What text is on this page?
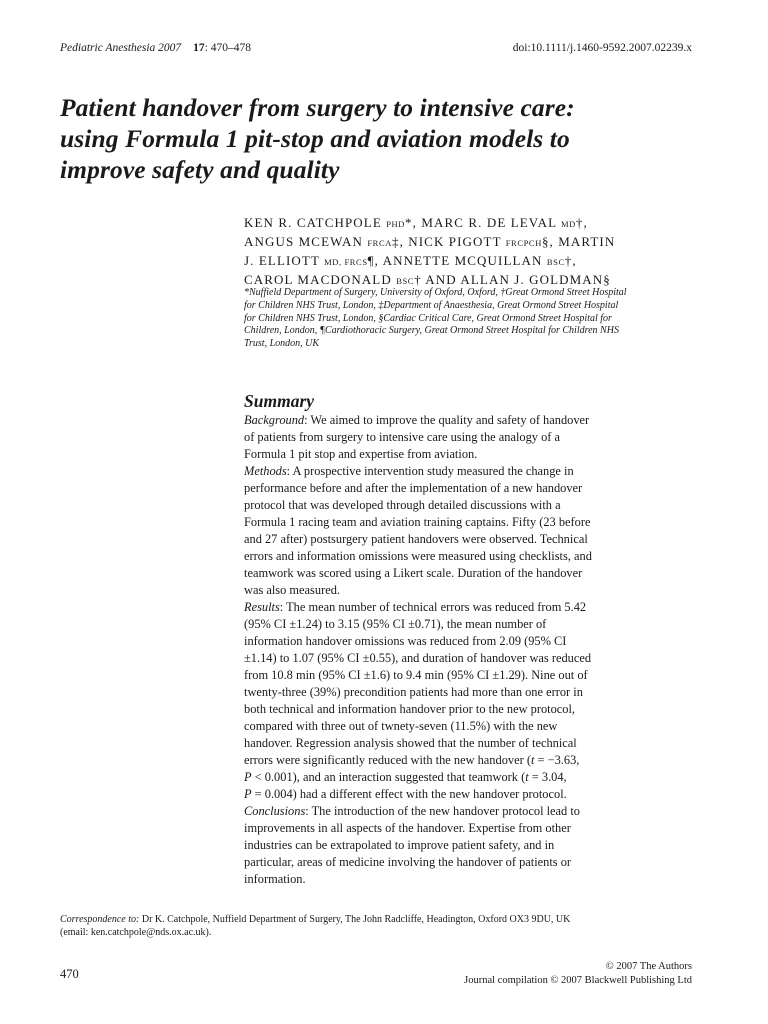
Pediatric Anesthesia 2007 17: 470–478	doi:10.1111/j.1460-9592.2007.02239.x
Patient handover from surgery to intensive care:
using Formula 1 pit-stop and aviation models to
improve safety and quality
KEN R. CATCHPOLE PHD*, MARC R. DE LEVAL MD†,
ANGUS MCEWAN FRCA‡, NICK PIGOTT FRCPCH§, MARTIN
J. ELLIOTT MD, FRCS¶, ANNETTE MCQUILLAN BSC†,
CAROL MACDONALD BSC† AND ALLAN J. GOLDMAN§
*Nuffield Department of Surgery, University of Oxford, Oxford, †Great Ormond Street Hospital
for Children NHS Trust, London, ‡Department of Anaesthesia, Great Ormond Street Hospital
for Children NHS Trust, London, §Cardiac Critical Care, Great Ormond Street Hospital for
Children, London, ¶Cardiothoracic Surgery, Great Ormond Street Hospital for Children NHS
Trust, London, UK
Summary
Background: We aimed to improve the quality and safety of handover
of patients from surgery to intensive care using the analogy of a
Formula 1 pit stop and expertise from aviation.
Methods: A prospective intervention study measured the change in
performance before and after the implementation of a new handover
protocol that was developed through detailed discussions with a
Formula 1 racing team and aviation training captains. Fifty (23 before
and 27 after) postsurgery patient handovers were observed. Technical
errors and information omissions were measured using checklists, and
teamwork was scored using a Likert scale. Duration of the handover
was also measured.
Results: The mean number of technical errors was reduced from 5.42
(95% CI ±1.24) to 3.15 (95% CI ±0.71), the mean number of
information handover omissions was reduced from 2.09 (95% CI
±1.14) to 1.07 (95% CI ±0.55), and duration of handover was reduced
from 10.8 min (95% CI ±1.6) to 9.4 min (95% CI ±1.29). Nine out of
twenty-three (39%) precondition patients had more than one error in
both technical and information handover prior to the new protocol,
compared with three out of twnety-seven (11.5%) with the new
handover. Regression analysis showed that the number of technical
errors were significantly reduced with the new handover (t = −3.63,
P < 0.001), and an interaction suggested that teamwork (t = 3.04,
P = 0.004) had a different effect with the new handover protocol.
Conclusions: The introduction of the new handover protocol lead to
improvements in all aspects of the handover. Expertise from other
industries can be extrapolated to improve patient safety, and in
particular, areas of medicine involving the handover of patients or
information.
Correspondence to: Dr K. Catchpole, Nuffield Department of Surgery, The John Radcliffe, Headington, Oxford OX3 9DU, UK
(email: ken.catchpole@nds.ox.ac.uk).
470
© 2007 The Authors
Journal compilation © 2007 Blackwell Publishing Ltd
